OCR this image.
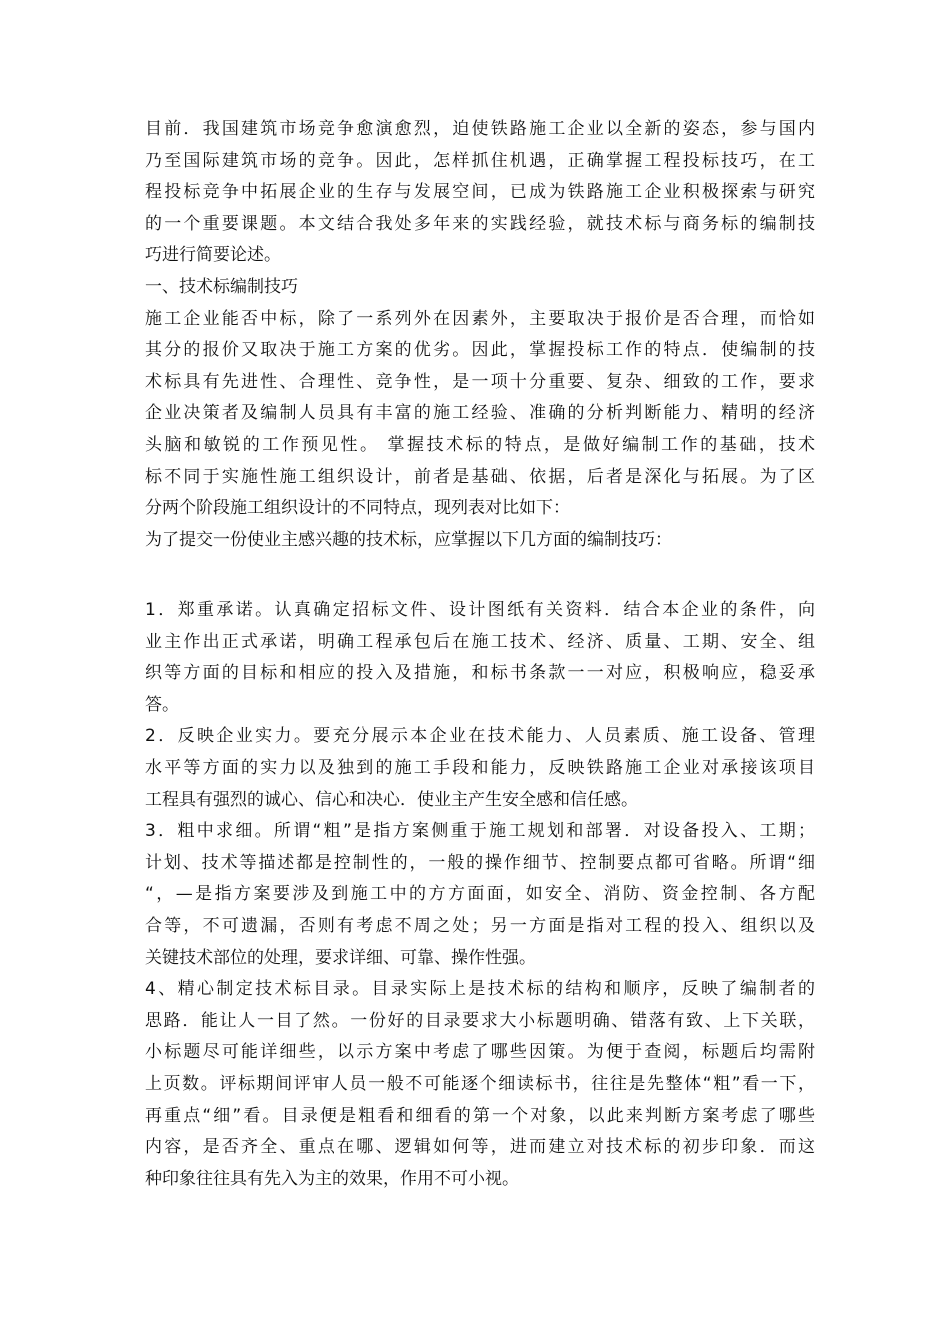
目前．我国建筑市场竞争愈演愈烈，迫使铁路施工企业以全新的姿态，参与国内
乃至国际建筑市场的竞争。因此，怎样抓住机遇，正确掌握工程投标技巧，在工
程投标竞争中拓展企业的生存与发展空间，已成为铁路施工企业积极探索与研究
的一个重要课题。本文结合我处多年来的实践经验，就技术标与商务标的编制技
巧进行简要论述。
一、技术标编制技巧
施工企业能否中标，除了一系列外在因素外，主要取决于报价是否合理，而恰如
其分的报价又取决于施工方案的优劣。因此，掌握投标工作的特点．使编制的技
术标具有先进性、合理性、竞争性，是一项十分重要、复杂、细致的工作，要求
企业决策者及编制人员具有丰富的施工经验、准确的分析判断能力、精明的经济
头脑和敏锐的工作预见性。 掌握技术标的特点，是做好编制工作的基础，技术
标不同于实施性施工组织设计，前者是基础、依据，后者是深化与拓展。为了区
分两个阶段施工组织设计的不同特点，现列表对比如下：
为了提交一份使业主感兴趣的技术标，应掌握以下几方面的编制技巧：
1．郑重承诺。认真确定招标文件、设计图纸有关资料．结合本企业的条件，向
业主作出正式承诺，明确工程承包后在施工技术、经济、质量、工期、安全、组
织等方面的目标和相应的投入及措施，和标书条款一一对应，积极响应，稳妥承
答。
2．反映企业实力。要充分展示本企业在技术能力、人员素质、施工设备、管理
水平等方面的实力以及独到的施工手段和能力，反映铁路施工企业对承接该项目
工程具有强烈的诚心、信心和决心．使业主产生安全感和信任感。
3．粗中求细。所谓“粗”是指方案侧重于施工规划和部署．对设备投入、工期；
计划、技术等描述都是控制性的，一般的操作细节、控制要点都可省略。所谓“细
“，—是指方案要涉及到施工中的方方面面，如安全、消防、资金控制、各方配
合等，不可遗漏，否则有考虑不周之处；另一方面是指对工程的投入、组织以及
关键技术部位的处理，要求详细、可靠、操作性强。
4、精心制定技术标目录。目录实际上是技术标的结构和顺序，反映了编制者的
思路．能让人一目了然。一份好的目录要求大小标题明确、错落有致、上下关联，
小标题尽可能详细些，以示方案中考虑了哪些因策。为便于查阅，标题后均需附
上页数。评标期间评审人员一般不可能逐个细读标书，往往是先整体“粗”看一下，
再重点“细”看。目录便是粗看和细看的第一个对象，以此来判断方案考虑了哪些
内容，是否齐全、重点在哪、逻辑如何等，进而建立对技术标的初步印象．而这
种印象往往具有先入为主的效果，作用不可小视。
